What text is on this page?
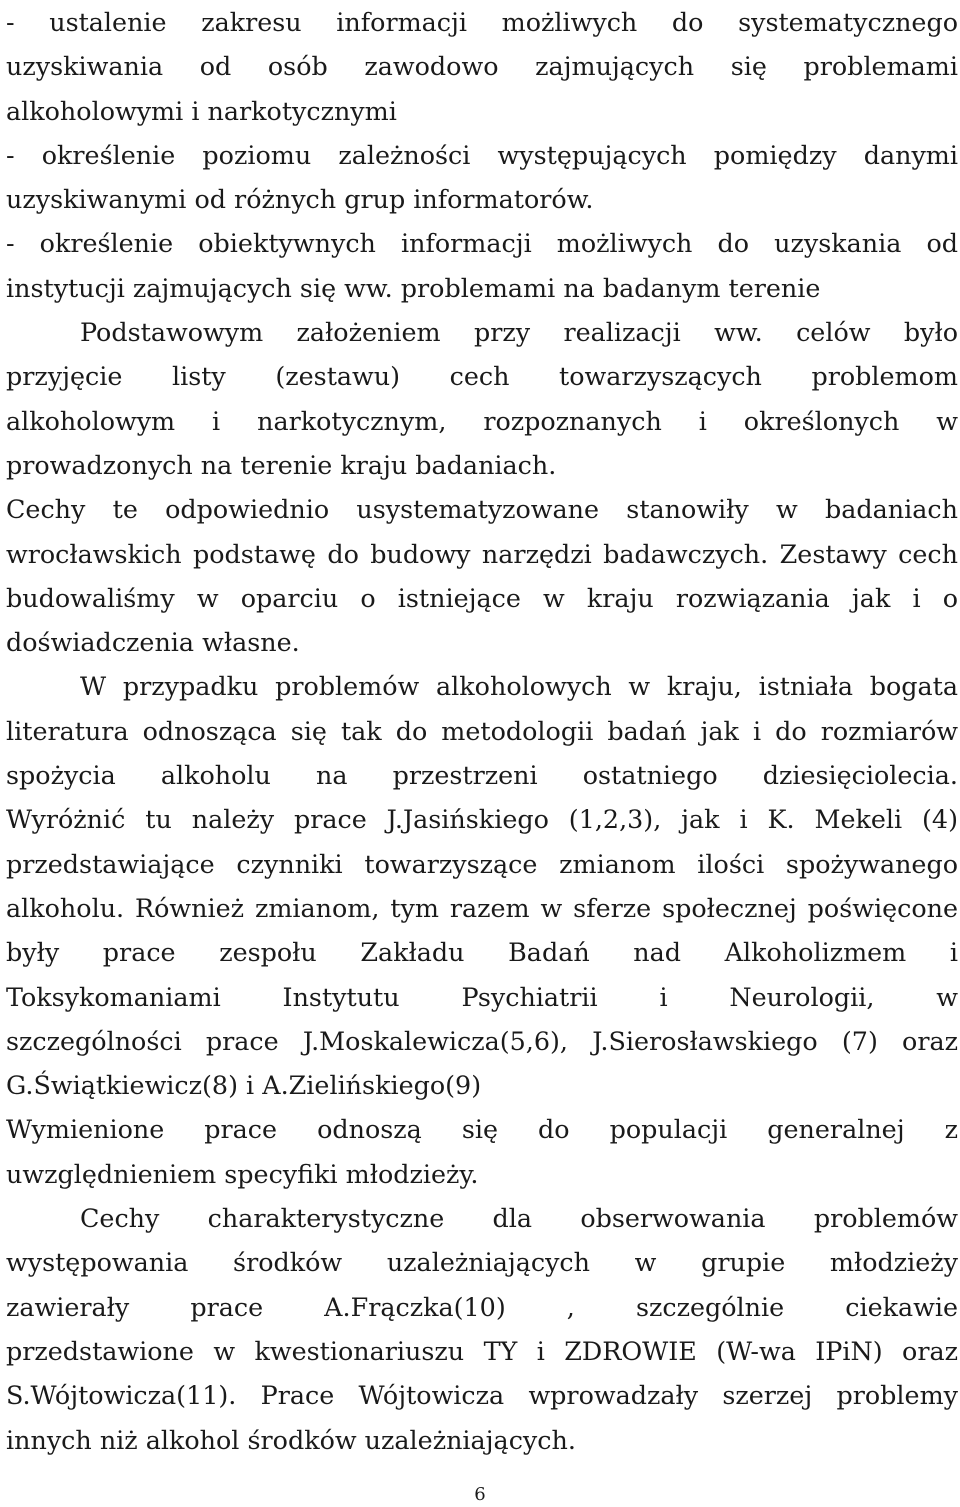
- ustalenie zakresu informacji możliwych do systematycznego

uzyskiwania od osób zawodowo zajmujących się problemami

alkoholowymi i narkotycznymi

- określenie poziomu zależności występujących pomiędzy danymi

uzyskiwanymi od różnych grup informatorów.

- określenie obiektywnych informacji możliwych do uzyskania od

instytucji zajmujących się ww. problemami na badanym terenie

Podstawowym założeniem przy realizacji ww. celów było

przyjęcie listy (zestawu) cech towarzyszących problemom

alkoholowym i narkotycznym, rozpoznanych i określonych w

prowadzonych na terenie kraju badaniach.

Cechy te odpowiednio usystematyzowane stanowiły w badaniach

wrocławskich podstawę do budowy narzędzi badawczych. Zestawy cech

budowaliśmy w oparciu o istniejące w kraju rozwiązania jak i o

doświadczenia własne.

W przypadku problemów alkoholowych w kraju, istniała bogata

literatura odnosząca się tak do metodologii badań jak i do rozmiarów

spożycia alkoholu na przestrzeni ostatniego dziesięciolecia.

Wyróżnić tu należy prace J.Jasińskiego (1,2,3), jak i K. Mekeli (4)

przedstawiające czynniki towarzyszące zmianom ilości spożywanego

alkoholu. Również zmianom, tym razem w sferze społecznej poświęcone

były prace zespołu Zakładu Badań nad Alkoholizmem i

Toksykomaniami Instytutu Psychiatrii i Neurologii, w

szczególności prace J.Moskalewicza(5,6), J.Sierosławskiego (7) oraz

G.Świątkiewicz(8) i A.Zielińskiego(9)

Wymienione prace odnoszą się do populacji generalnej z

uwzględnieniem specyfiki młodzieży.

Cechy charakterystyczne dla obserwowania problemów

występowania środków uzależniających w grupie młodzieży

zawierały prace A.Frączka(10) , szczególnie ciekawie

przedstawione w kwestionariuszu TY i ZDROWIE (W-wa IPiN) oraz

S.Wójtowicza(11). Prace Wójtowicza wprowadzały szerzej problemy

innych niż alkohol środków uzależniających.

6
